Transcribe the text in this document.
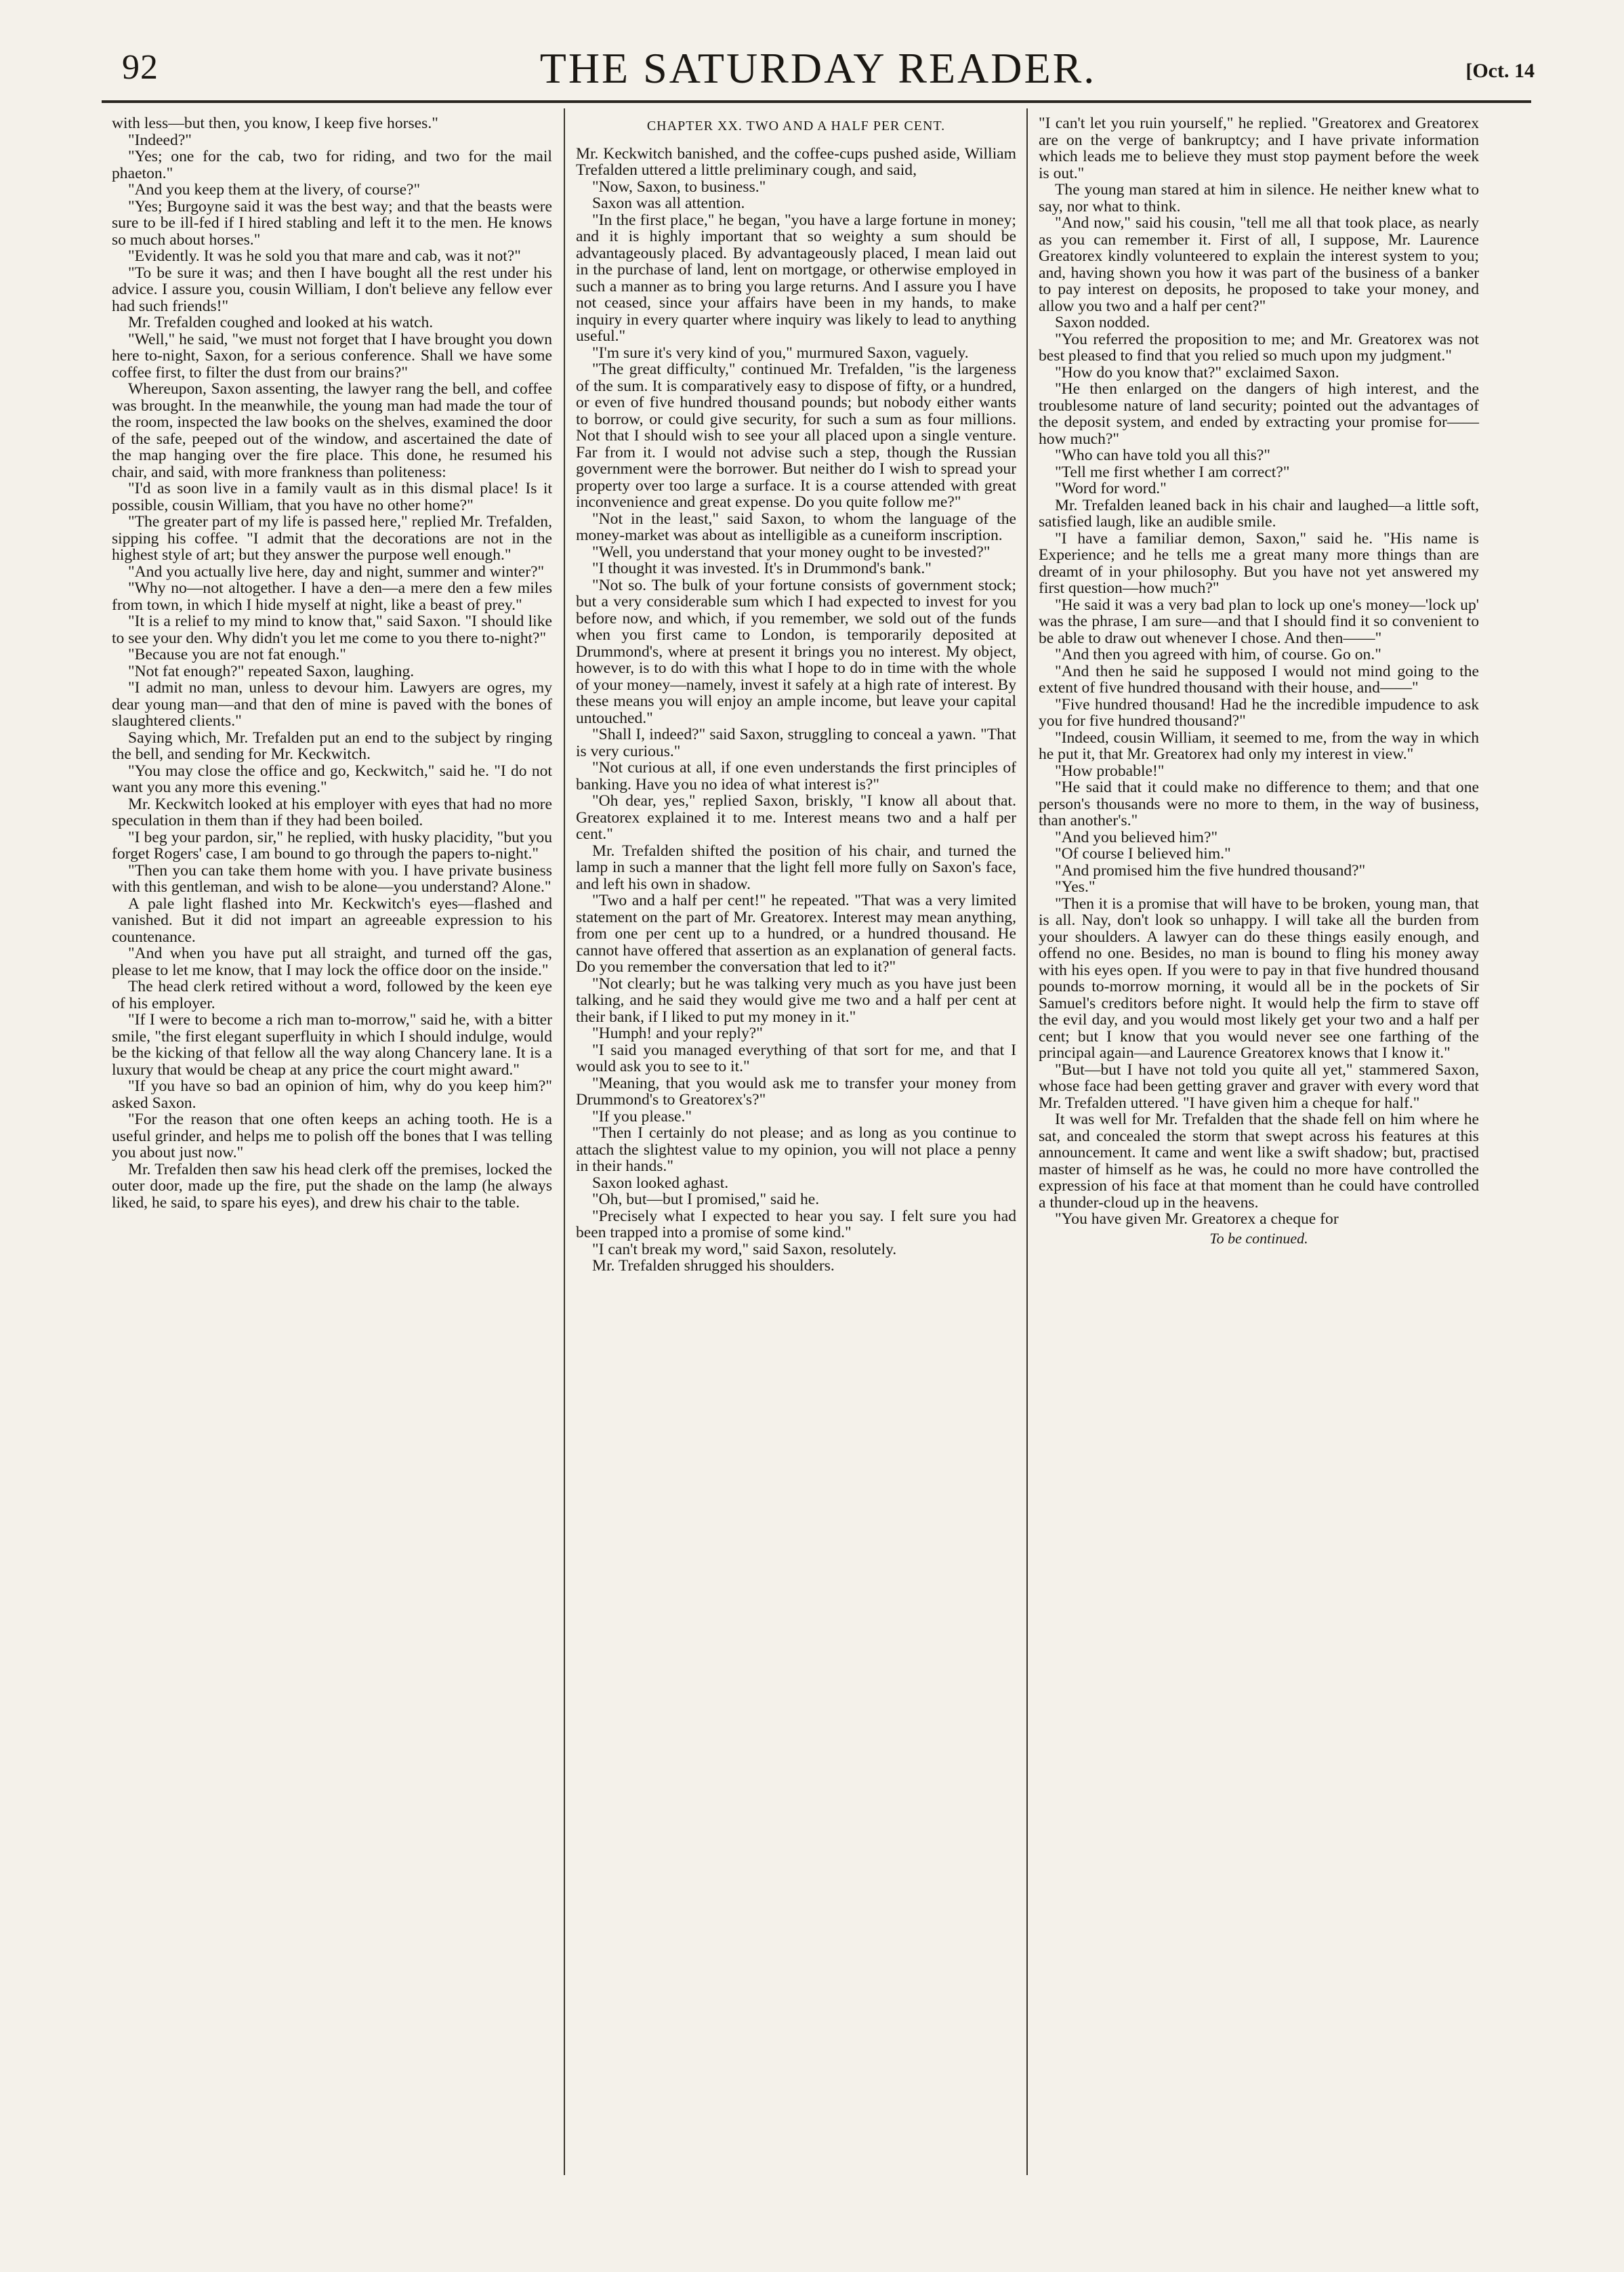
92	THE SATURDAY READER.	[Oct. 14

with less—but then, you know, I keep five horses."

"Indeed?"

"Yes; one for the cab, two for riding, and two for the mail phaeton."

"And you keep them at the livery, of course?"

"Yes; Burgoyne said it was the best way; and that the beasts were sure to be ill-fed if I hired stabling and left it to the men. He knows so much about horses."

"Evidently. It was he sold you that mare and cab, was it not?"

"To be sure it was; and then I have bought all the rest under his advice. I assure you, cousin William, I don't believe any fellow ever had such friends!"

Mr. Trefalden coughed and looked at his watch.

"Well," he said, "we must not forget that I have brought you down here to-night, Saxon, for a serious conference. Shall we have some coffee first, to filter the dust from our brains?"

Whereupon, Saxon assenting, the lawyer rang the bell, and coffee was brought. In the meanwhile, the young man had made the tour of the room, inspected the law books on the shelves, examined the door of the safe, peeped out of the window, and ascertained the date of the map hanging over the fire place. This done, he resumed his chair, and said, with more frankness than politeness:

"I'd as soon live in a family vault as in this dismal place! Is it possible, cousin William, that you have no other home?"

"The greater part of my life is passed here," replied Mr. Trefalden, sipping his coffee. "I admit that the decorations are not in the highest style of art; but they answer the purpose well enough."

"And you actually live here, day and night, summer and winter?"

"Why no—not altogether. I have a den—a mere den a few miles from town, in which I hide myself at night, like a beast of prey."

"It is a relief to my mind to know that," said Saxon. "I should like to see your den. Why didn't you let me come to you there to-night?"

"Because you are not fat enough."

"Not fat enough?" repeated Saxon, laughing.

"I admit no man, unless to devour him. Lawyers are ogres, my dear young man—and that den of mine is paved with the bones of slaughtered clients."

Saying which, Mr. Trefalden put an end to the subject by ringing the bell, and sending for Mr. Keckwitch.

"You may close the office and go, Keckwitch," said he. "I do not want you any more this evening."

Mr. Keckwitch looked at his employer with eyes that had no more speculation in them than if they had been boiled.

"I beg your pardon, sir," he replied, with husky placidity, "but you forget Rogers' case, I am bound to go through the papers to-night."

"Then you can take them home with you. I have private business with this gentleman, and wish to be alone—you understand? Alone."

A pale light flashed into Mr. Keckwitch's eyes—flashed and vanished. But it did not impart an agreeable expression to his countenance.

"And when you have put all straight, and turned off the gas, please to let me know, that I may lock the office door on the inside."

The head clerk retired without a word, followed by the keen eye of his employer.

"If I were to become a rich man to-morrow," said he, with a bitter smile, "the first elegant superfluity in which I should indulge, would be the kicking of that fellow all the way along Chancery lane. It is a luxury that would be cheap at any price the court might award."

"If you have so bad an opinion of him, why do you keep him?" asked Saxon.

"For the reason that one often keeps an aching tooth. He is a useful grinder, and helps me to polish off the bones that I was telling you about just now."

Mr. Trefalden then saw his head clerk off the premises, locked the outer door, made up the fire, put the shade on the lamp (he always liked, he said, to spare his eyes), and drew his chair to the table.

CHAPTER XX. TWO AND A HALF PER CENT.

Mr. Keckwitch banished, and the coffee-cups pushed aside, William Trefalden uttered a little preliminary cough, and said,

"Now, Saxon, to business."

Saxon was all attention.

"In the first place," he began, "you have a large fortune in money; and it is highly important that so weighty a sum should be advantageously placed. By advantageously placed, I mean laid out in the purchase of land, lent on mortgage, or otherwise employed in such a manner as to bring you large returns. And I assure you I have not ceased, since your affairs have been in my hands, to make inquiry in every quarter where inquiry was likely to lead to anything useful."

"I'm sure it's very kind of you," murmured Saxon, vaguely.

"The great difficulty," continued Mr. Trefalden, "is the largeness of the sum. It is comparatively easy to dispose of fifty, or a hundred, or even of five hundred thousand pounds; but nobody either wants to borrow, or could give security, for such a sum as four millions. Not that I should wish to see your all placed upon a single venture. Far from it. I would not advise such a step, though the Russian government were the borrower. But neither do I wish to spread your property over too large a surface. It is a course attended with great inconvenience and great expense. Do you quite follow me?"

"Not in the least," said Saxon, to whom the language of the money-market was about as intelligible as a cuneiform inscription.

"Well, you understand that your money ought to be invested?"

"I thought it was invested. It's in Drummond's bank."

"Not so. The bulk of your fortune consists of government stock; but a very considerable sum which I had expected to invest for you before now, and which, if you remember, we sold out of the funds when you first came to London, is temporarily deposited at Drummond's, where at present it brings you no interest. My object, however, is to do with this what I hope to do in time with the whole of your money—namely, invest it safely at a high rate of interest. By these means you will enjoy an ample income, but leave your capital untouched."

"Shall I, indeed?" said Saxon, struggling to conceal a yawn. "That is very curious."

"Not curious at all, if one even understands the first principles of banking. Have you no idea of what interest is?"

"Oh dear, yes," replied Saxon, briskly, "I know all about that. Greatorex explained it to me. Interest means two and a half per cent."

Mr. Trefalden shifted the position of his chair, and turned the lamp in such a manner that the light fell more fully on Saxon's face, and left his own in shadow.

"Two and a half per cent!" he repeated. "That was a very limited statement on the part of Mr. Greatorex. Interest may mean anything, from one per cent up to a hundred, or a hundred thousand. He cannot have offered that assertion as an explanation of general facts. Do you remember the conversation that led to it?"

"Not clearly; but he was talking very much as you have just been talking, and he said they would give me two and a half per cent at their bank, if I liked to put my money in it."

"Humph! and your reply?"

"I said you managed everything of that sort for me, and that I would ask you to see to it."

"Meaning, that you would ask me to transfer your money from Drummond's to Greatorex's?"

"If you please."

"Then I certainly do not please; and as long as you continue to attach the slightest value to my opinion, you will not place a penny in their hands."

Saxon looked aghast.

"Oh, but—but I promised," said he.

"Precisely what I expected to hear you say. I felt sure you had been trapped into a promise of some kind."

"I can't break my word," said Saxon, resolutely.

Mr. Trefalden shrugged his shoulders.

"I can't let you ruin yourself," he replied. "Greatorex and Greatorex are on the verge of bankruptcy; and I have private information which leads me to believe they must stop payment before the week is out."

The young man stared at him in silence. He neither knew what to say, nor what to think.

"And now," said his cousin, "tell me all that took place, as nearly as you can remember it. First of all, I suppose, Mr. Laurence Greatorex kindly volunteered to explain the interest system to you; and, having shown you how it was part of the business of a banker to pay interest on deposits, he proposed to take your money, and allow you two and a half per cent?"

Saxon nodded.

"You referred the proposition to me; and Mr. Greatorex was not best pleased to find that you relied so much upon my judgment."

"How do you know that?" exclaimed Saxon.

"He then enlarged on the dangers of high interest, and the troublesome nature of land security; pointed out the advantages of the deposit system, and ended by extracting your promise for——how much?"

"Who can have told you all this?"

"Tell me first whether I am correct?"

"Word for word."

Mr. Trefalden leaned back in his chair and laughed—a little soft, satisfied laugh, like an audible smile.

"I have a familiar demon, Saxon," said he. "His name is Experience; and he tells me a great many more things than are dreamt of in your philosophy. But you have not yet answered my first question—how much?"

"He said it was a very bad plan to lock up one's money—'lock up' was the phrase, I am sure—and that I should find it so convenient to be able to draw out whenever I chose. And then——"

"And then you agreed with him, of course. Go on."

"And then he said he supposed I would not mind going to the extent of five hundred thousand with their house, and——"

"Five hundred thousand! Had he the incredible impudence to ask you for five hundred thousand?"

"Indeed, cousin William, it seemed to me, from the way in which he put it, that Mr. Greatorex had only my interest in view."

"How probable!"

"He said that it could make no difference to them; and that one person's thousands were no more to them, in the way of business, than another's."

"And you believed him?"

"Of course I believed him."

"And promised him the five hundred thousand?"

"Yes."

"Then it is a promise that will have to be broken, young man, that is all. Nay, don't look so unhappy. I will take all the burden from your shoulders. A lawyer can do these things easily enough, and offend no one. Besides, no man is bound to fling his money away with his eyes open. If you were to pay in that five hundred thousand pounds to-morrow morning, it would all be in the pockets of Sir Samuel's creditors before night. It would help the firm to stave off the evil day, and you would most likely get your two and a half per cent; but I know that you would never see one farthing of the principal again—and Laurence Greatorex knows that I know it."

"But—but I have not told you quite all yet," stammered Saxon, whose face had been getting graver and graver with every word that Mr. Trefalden uttered. "I have given him a cheque for half."

It was well for Mr. Trefalden that the shade fell on him where he sat, and concealed the storm that swept across his features at this announcement. It came and went like a swift shadow; but, practised master of himself as he was, he could no more have controlled the expression of his face at that moment than he could have controlled a thunder-cloud up in the heavens.

"You have given Mr. Greatorex a cheque for

To be continued.
